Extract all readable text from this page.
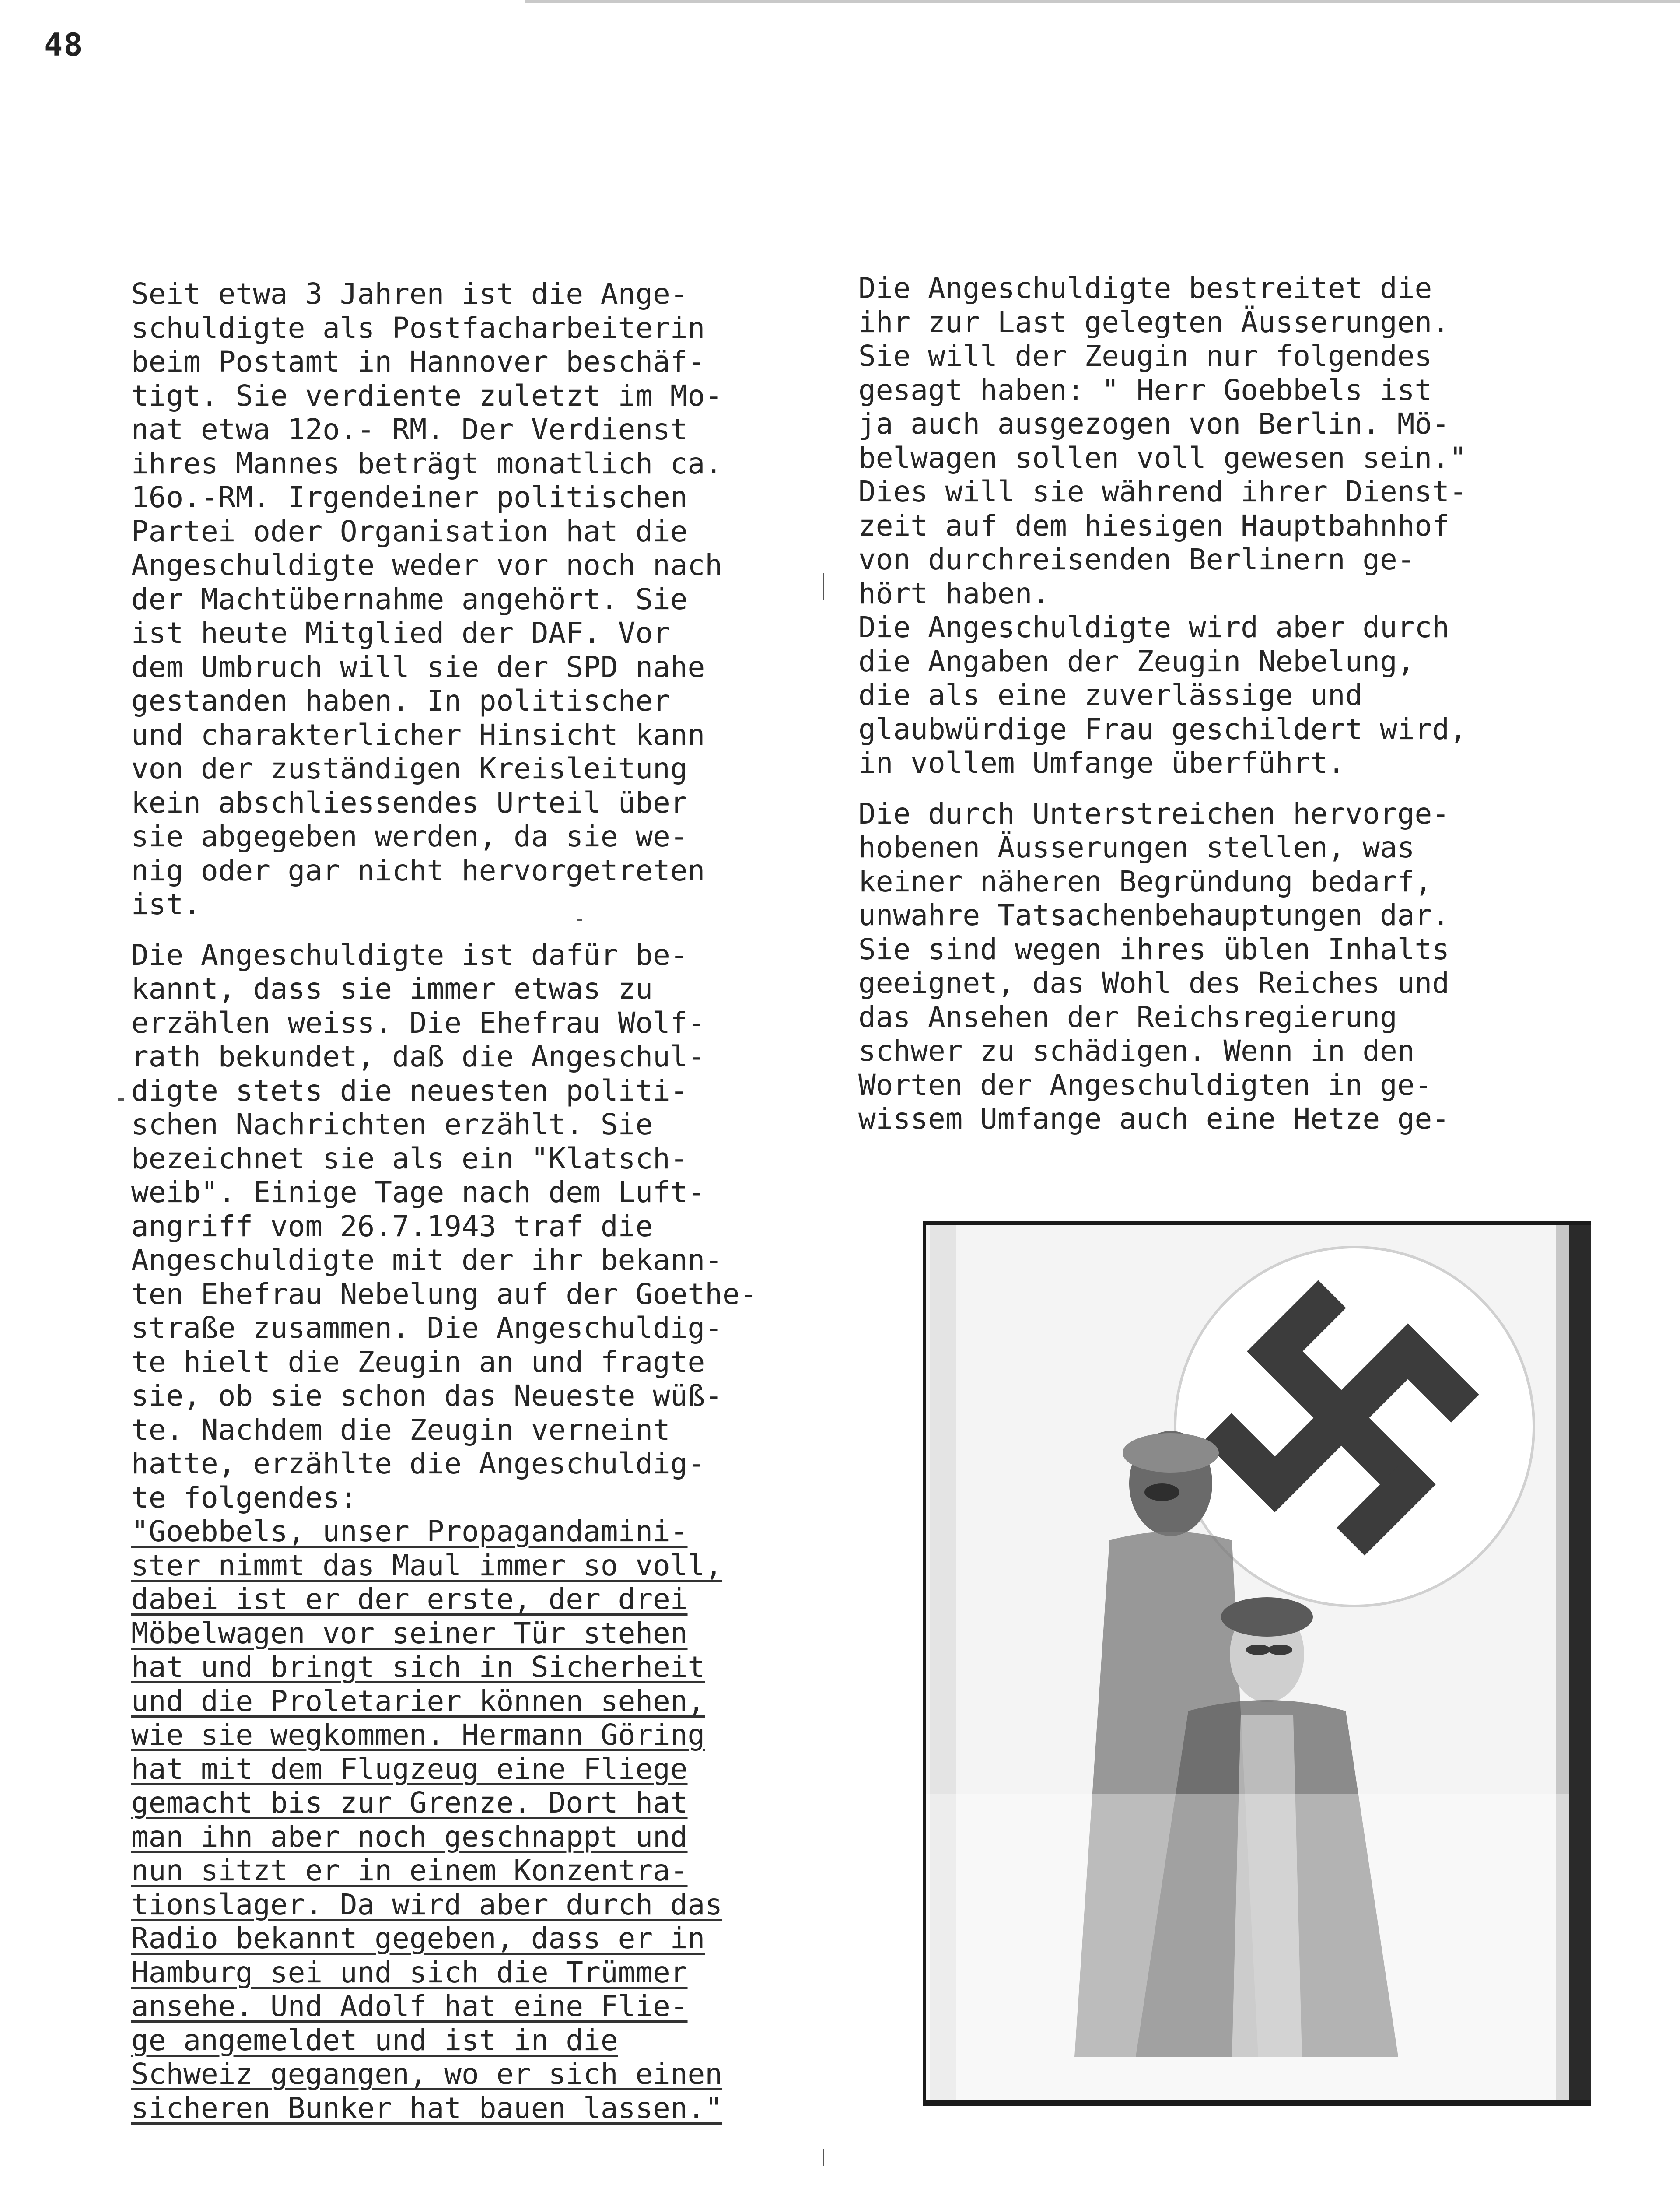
48
Seit etwa 3 Jahren ist die Ange-
schuldigte als Postfacharbeiterin
beim Postamt in Hannover beschäf-
tigt. Sie verdiente zuletzt im Mo-
nat etwa 12o.- RM. Der Verdienst
ihres Mannes beträgt monatlich ca.
16o.-RM. Irgendeiner politischen
Partei oder Organisation hat die
Angeschuldigte weder vor noch nach
der Machtübernahme angehört. Sie
ist heute Mitglied der DAF. Vor
dem Umbruch will sie der SPD nahe
gestanden haben. In politischer
und charakterlicher Hinsicht kann
von der zuständigen Kreisleitung
kein abschliessendes Urteil über
sie abgegeben werden, da sie we-
nig oder gar nicht hervorgetreten
ist.
Die Angeschuldigte ist dafür be-
kannt, dass sie immer etwas zu
erzählen weiss. Die Ehefrau Wolf-
rath bekundet, daß die Angeschul-
digte stets die neuesten politi-
schen Nachrichten erzählt. Sie
bezeichnet sie als ein "Klatsch-
weib". Einige Tage nach dem Luft-
angriff vom 26.7.1943 traf die
Angeschuldigte mit der ihr bekann-
ten Ehefrau Nebelung auf der Goethe-
straße zusammen. Die Angeschuldig-
te hielt die Zeugin an und fragte
sie, ob sie schon das Neueste wüß-
te. Nachdem die Zeugin verneint
hatte, erzählte die Angeschuldig-
te folgendes:
"Goebbels, unser Propagandamini-
ster nimmt das Maul immer so voll,
dabei ist er der erste, der drei
Möbelwagen vor seiner Tür stehen
hat und bringt sich in Sicherheit
und die Proletarier können sehen,
wie sie wegkommen. Hermann Göring
hat mit dem Flugzeug eine Fliege
gemacht bis zur Grenze. Dort hat
man ihn aber noch geschnappt und
nun sitzt er in einem Konzentra-
tionslager. Da wird aber durch das
Radio bekannt gegeben, dass er in
Hamburg sei und sich die Trümmer
ansehe. Und Adolf hat eine Flie-
ge angemeldet und ist in die
Schweiz gegangen, wo er sich einen
sicheren Bunker hat bauen lassen."
Die Angeschuldigte bestreitet die
ihr zur Last gelegten Äusserungen.
Sie will der Zeugin nur folgendes
gesagt haben: " Herr Goebbels ist
ja auch ausgezogen von Berlin. Mö-
belwagen sollen voll gewesen sein."
Dies will sie während ihrer Dienst-
zeit auf dem hiesigen Hauptbahnhof
von durchreisenden Berlinern ge-
hört haben.
Die Angeschuldigte wird aber durch
die Angaben der Zeugin Nebelung,
die als eine zuverlässige und
glaubwürdige Frau geschildert wird,
in vollem Umfange überführt.
Die durch Unterstreichen hervorge-
hobenen Äusserungen stellen, was
keiner näheren Begründung bedarf,
unwahre Tatsachenbehauptungen dar.
Sie sind wegen ihres üblen Inhalts
geeignet, das Wohl des Reiches und
das Ansehen der Reichsregierung
schwer zu schädigen. Wenn in den
Worten der Angeschuldigten in ge-
wissem Umfange auch eine Hetze ge-
